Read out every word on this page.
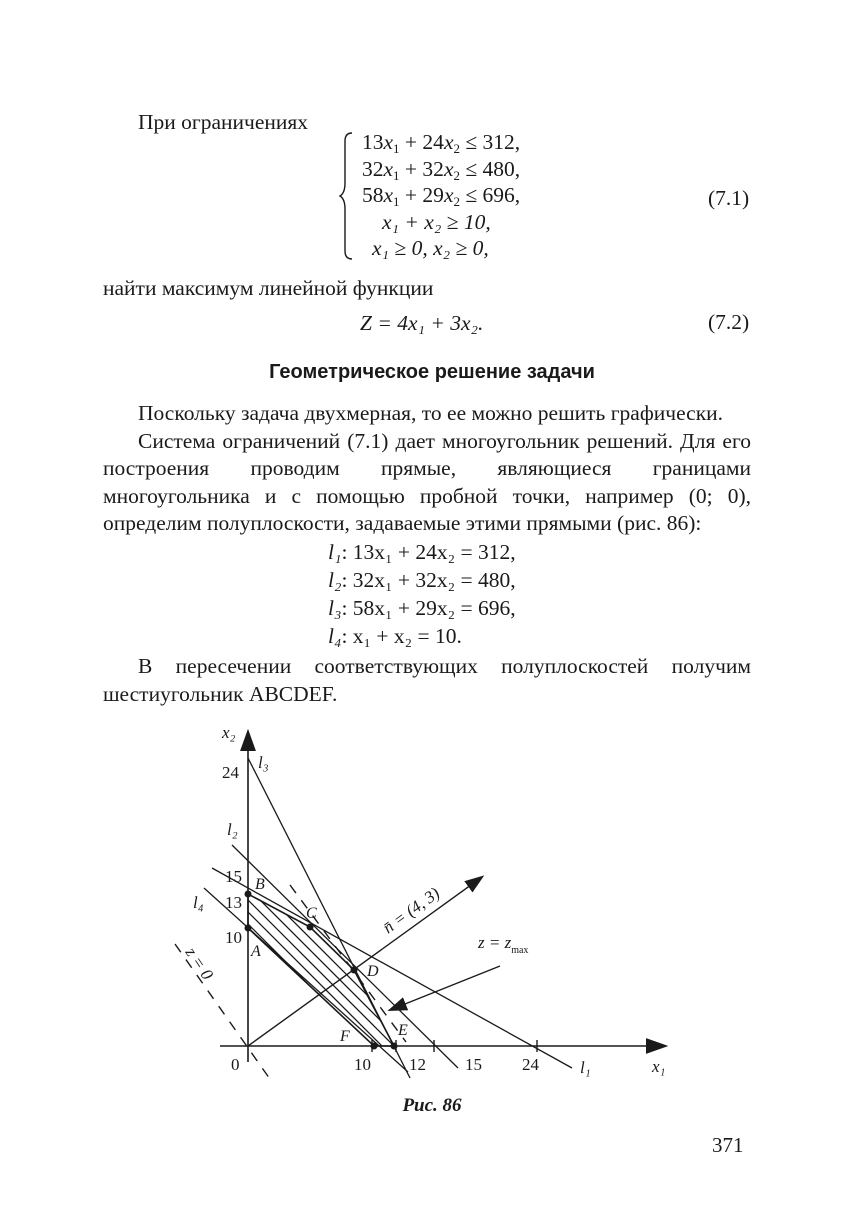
При ограничениях
$13x_1 + 24x_2 \le 312$,
$32x_1 + 32x_2 \le 480$,
$58x_1 + 29x_2 \le 696$,
x₁ + x₂ ≥ 10,
x₁ ≥ 0, x₂ ≥ 0,
(7.1)
найти максимум линейной функции
Z = 4x₁ + 3x₂.	(7.2)
Геометрическое решение задачи

Поскольку задача двухмерная, то ее можно решить графически.

Система ограничений (7.1) дает многоугольник решений. Для его построения проводим прямые, являющиеся границами многоугольника и с помощью пробной точки, например (0; 0), определим полуплоскости, задаваемые этими прямыми (рис. 86):

l₁: 13x₁ + 24x₂ = 312,
l₂: 32x₁ + 32x₂ = 480,
l₃: 58x₁ + 29x₂ = 696,
l₄: x₁ + x₂ = 10.

В пересечении соответствующих полуплоскостей получим шестиугольник ABCDEF.

x₂
x₁
0	10 12 15 24
24
15
13
10
l₃
l₂
l₄
l₁
A
B
C
D
E
F
n̄ = (4, 3)
z = 0
$z = z_{max}$
Рис. 86
371
